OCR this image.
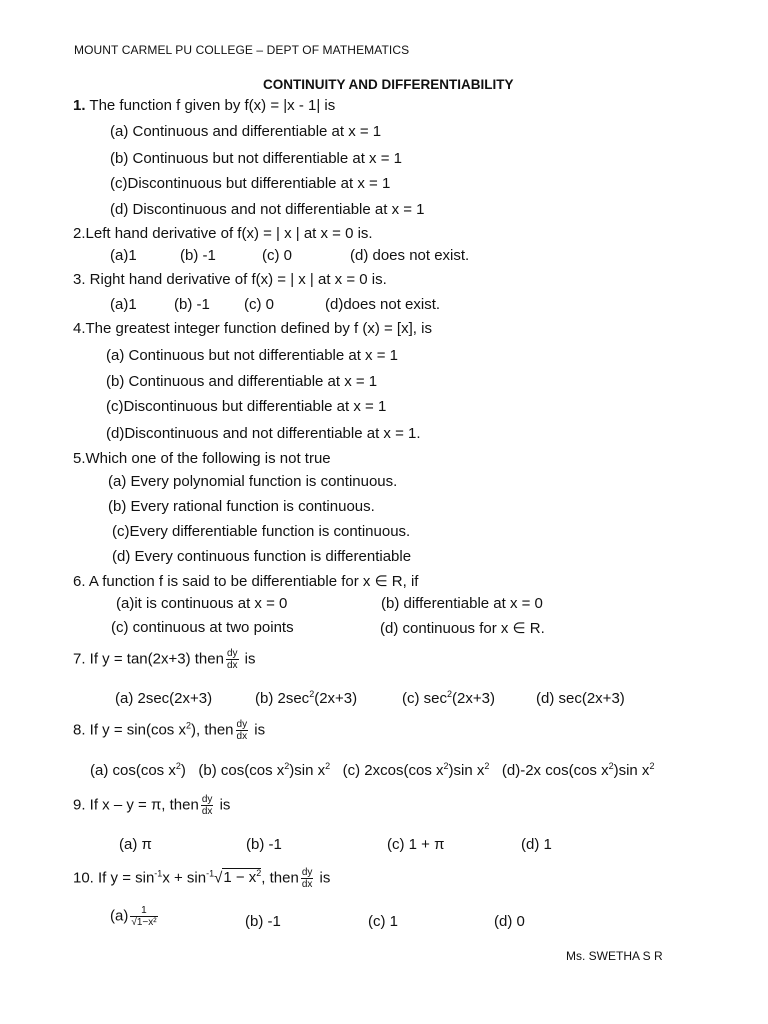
MOUNT CARMEL PU COLLEGE – DEPT OF MATHEMATICS
CONTINUITY AND DIFFERENTIABILITY
1. The function f given by f(x) = |x - 1| is
(a) Continuous and differentiable at x = 1
(b) Continuous but not differentiable at x = 1
(c)Discontinuous but differentiable at x = 1
(d) Discontinuous and not differentiable at x = 1
2.Left hand derivative of f(x) = | x | at x = 0 is.
(a)1	(b) -1	(c) 0	(d) does not exist.
3. Right hand derivative of f(x) = | x | at x = 0 is.
(a)1 (b) -1 (c) 0	(d)does not exist.
4.The greatest integer function defined by f (x) = [x], is
(a) Continuous but not differentiable at x = 1
(b) Continuous and differentiable at x = 1
(c)Discontinuous but differentiable at x = 1
(d)Discontinuous and not differentiable at x = 1.
5.Which one of the following is not true
(a) Every polynomial function is continuous.
(b) Every rational function is continuous.
(c)Every differentiable function is continuous.
(d) Every continuous function is differentiable
6. A function f is said to be differentiable for x ∈ R, if
(a)it is continuous at x = 0	(b) differentiable at x = 0
(c) continuous at two points	(d) continuous for x ∈ R.
7. If y = tan(2x+3) then $\frac{dy}{dx}$ is
(a) 2sec(2x+3)	(b) $2\sec^2(2x+3)$	(c) $\sec^2(2x+3)$	(d) sec(2x+3)
8. If y = sin(cos $x^2$), then $\frac{dy}{dx}$ is
(a) cos(cos $x^2$) (b) cos(cos $x^2)\sin$ $x^2$ (c) 2xcos(cos $x^2)\sin$ $x^2$ (d)-2x cos(cos $x^2)\sin$ $x^2$
9. If x – y = π, then $\frac{dy}{dx}$ is
(a) π	(b) -1	(c) 1 + π	(d) 1
10. If $y = \sin^{-1}x + \sin^{-1}√1 - x^2$, then $\frac{dy}{dx}$ is
$(a) \frac{1}{\text{√1−x²}}$	(b) -1	(c) 1	(d) 0
Ms. SWETHA S R
